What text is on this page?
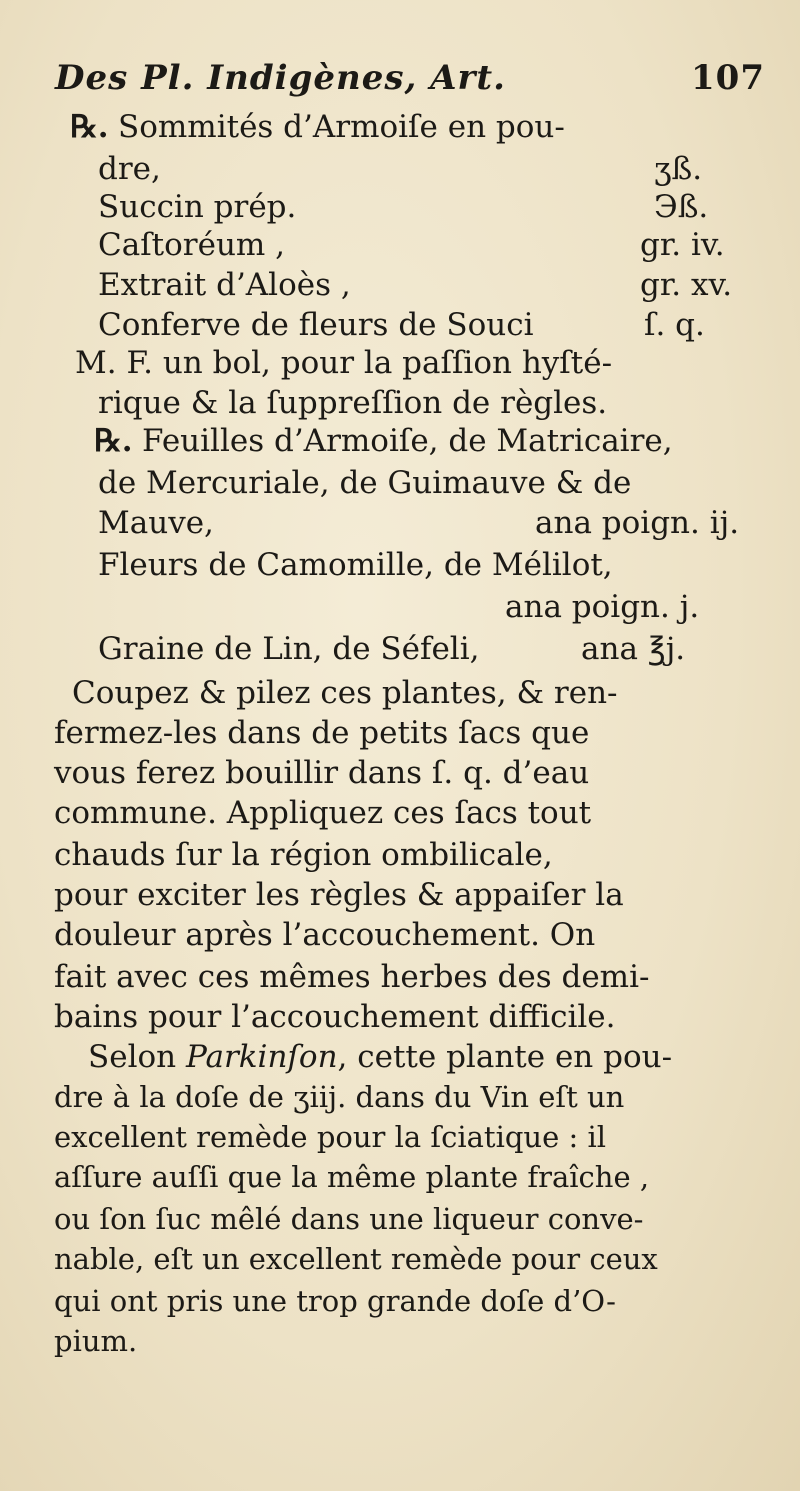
Des Pl. Indigènes, Art.	107
℞. Sommités d’Armoiſe en pou-
dre,	ʒß.
Succin prép.	Эß.
Caſtoréum ,	gr. iv.
Extrait d’Aloès ,	gr. xv.
Conferve de fleurs de Souci	ſ. q.
M. F. un bol, pour la paſſion hyſté-
rique & la ſuppreſſion de règles.
℞. Feuilles d’Armoiſe, de Matricaire,
de Mercuriale, de Guimauve & de
Mauve,	ana poign. ij.
Fleurs de Camomille, de Mélilot,
ana poign. j.
Graine de Lin, de Séfeli,	ana ℥j.
Coupez & pilez ces plantes, & ren-
fermez-les dans de petits ſacs que
vous ferez bouillir dans ſ. q. d’eau
commune. Appliquez ces ſacs tout
chauds ſur la région ombilicale,
pour exciter les règles & appaiſer la
douleur après l’accouchement. On
fait avec ces mêmes herbes des demi-
bains pour l’accouchement difficile.
Selon Parkinſon, cette plante en pou-
dre à la doſe de ʒiij. dans du Vin eſt un
excellent remède pour la ſciatique : il
aſſure auſſi que la même plante fraîche ,
ou ſon ſuc mêlé dans une liqueur conve-
nable, eſt un excellent remède pour ceux
qui ont pris une trop grande doſe d’O-
pium.
